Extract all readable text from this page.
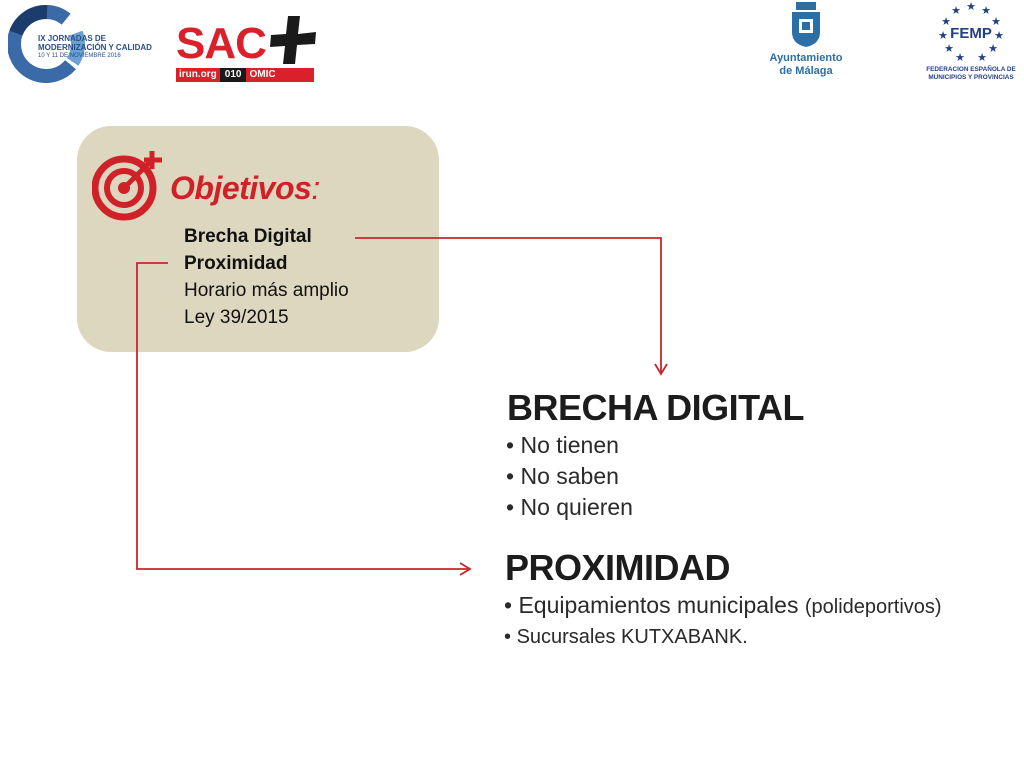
IX JORNADAS DE
MODERNIZACIÓN Y CALIDAD
10 Y 11 DE NOVIEMBRE 2016	SAC
irun.org 010 OMIC
Ayuntamiento
de Málaga
★ ★
★
★
★
★
★
★
★
★
★
FEMP
FEDERACION ESPAÑOLA DE
MUNICIPIOS Y PROVINCIAS
Objetivos:
Brecha Digital
Proximidad
Horario más amplio
Ley 39/2015
BRECHA DIGITAL
• No tienen
• No saben
• No quieren
PROXIMIDAD
• Equipamientos municipales (polideportivos)
• Sucursales KUTXABANK.
